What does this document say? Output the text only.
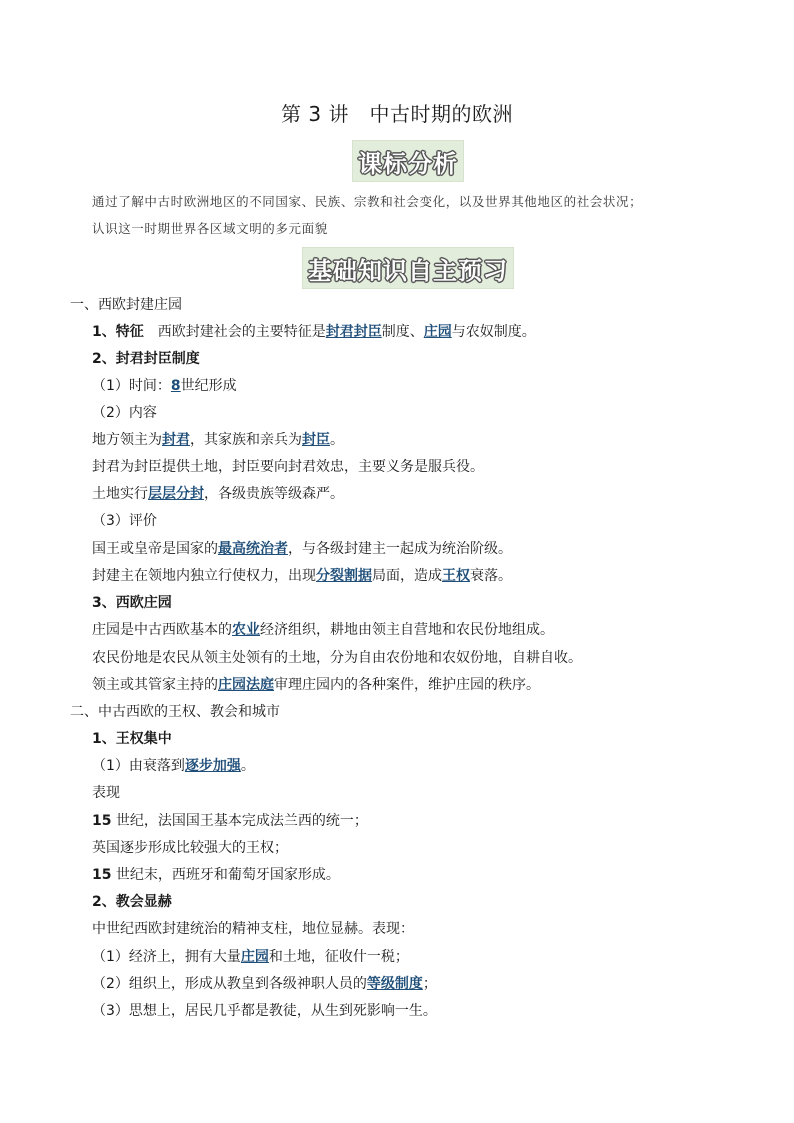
第 3 讲　中古时期的欧洲
课标分析
通过了解中古时欧洲地区的不同国家、民族、宗教和社会变化，以及世界其他地区的社会状况；
认识这一时期世界各区域文明的多元面貌
基础知识自主预习
一、西欧封建庄园
1、特征　西欧封建社会的主要特征是封君封臣制度、庄园与农奴制度。
2、封君封臣制度
（1）时间：8世纪形成
（2）内容
地方领主为封君，其家族和亲兵为封臣。
封君为封臣提供土地，封臣要向封君效忠，主要义务是服兵役。
土地实行层层分封，各级贵族等级森严。
（3）评价
国王或皇帝是国家的最高统治者，与各级封建主一起成为统治阶级。
封建主在领地内独立行使权力，出现分裂割据局面，造成王权衰落。
3、西欧庄园
庄园是中古西欧基本的农业经济组织，耕地由领主自营地和农民份地组成。
农民份地是农民从领主处领有的土地，分为自由农份地和农奴份地，自耕自收。
领主或其管家主持的庄园法庭审理庄园内的各种案件，维护庄园的秩序。
二、中古西欧的王权、教会和城市
1、王权集中
（1）由衰落到逐步加强。
表现
15 世纪，法国国王基本完成法兰西的统一；
英国逐步形成比较强大的王权；
15 世纪末，西班牙和葡萄牙国家形成。
2、教会显赫
中世纪西欧封建统治的精神支柱，地位显赫。表现：
（1）经济上，拥有大量庄园和土地，征收什一税；
（2）组织上，形成从教皇到各级神职人员的等级制度；
（3）思想上，居民几乎都是教徒，从生到死影响一生。
